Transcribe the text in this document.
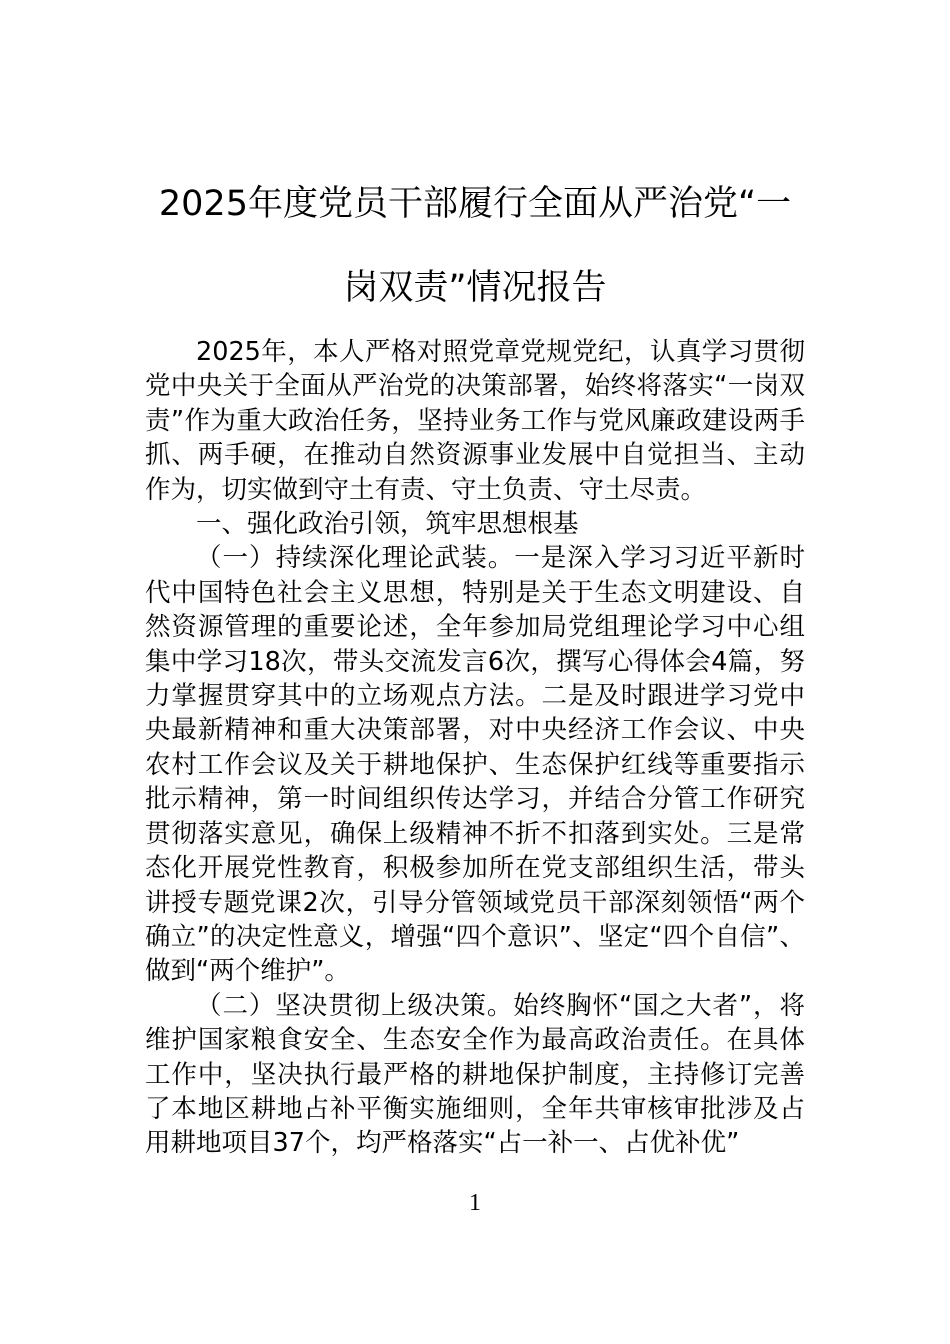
2025年度党员干部履行全面从严治党“一岗双责”情况报告

2025年，本人严格对照党章党规党纪，认真学习贯彻党中央关于全面从严治党的决策部署，始终将落实“一岗双责”作为重大政治任务，坚持业务工作与党风廉政建设两手抓、两手硬，在推动自然资源事业发展中自觉担当、主动作为，切实做到守土有责、守土负责、守土尽责。

一、强化政治引领，筑牢思想根基

（一）持续深化理论武装。一是深入学习习近平新时代中国特色社会主义思想，特别是关于生态文明建设、自然资源管理的重要论述，全年参加局党组理论学习中心组集中学习18次，带头交流发言6次，撰写心得体会4篇，努力掌握贯穿其中的立场观点方法。二是及时跟进学习党中央最新精神和重大决策部署，对中央经济工作会议、中央农村工作会议及关于耕地保护、生态保护红线等重要指示批示精神，第一时间组织传达学习，并结合分管工作研究贯彻落实意见，确保上级精神不折不扣落到实处。三是常态化开展党性教育，积极参加所在党支部组织生活，带头讲授专题党课2次，引导分管领域党员干部深刻领悟“两个确立”的决定性意义，增强“四个意识”、坚定“四个自信”、做到“两个维护”。

（二）坚决贯彻上级决策。始终胸怀“国之大者”，将维护国家粮食安全、生态安全作为最高政治责任。在具体工作中，坚决执行最严格的耕地保护制度，主持修订完善了本地区耕地占补平衡实施细则，全年共审核审批涉及占用耕地项目37个，均严格落实“占一补一、占优补优”

1
